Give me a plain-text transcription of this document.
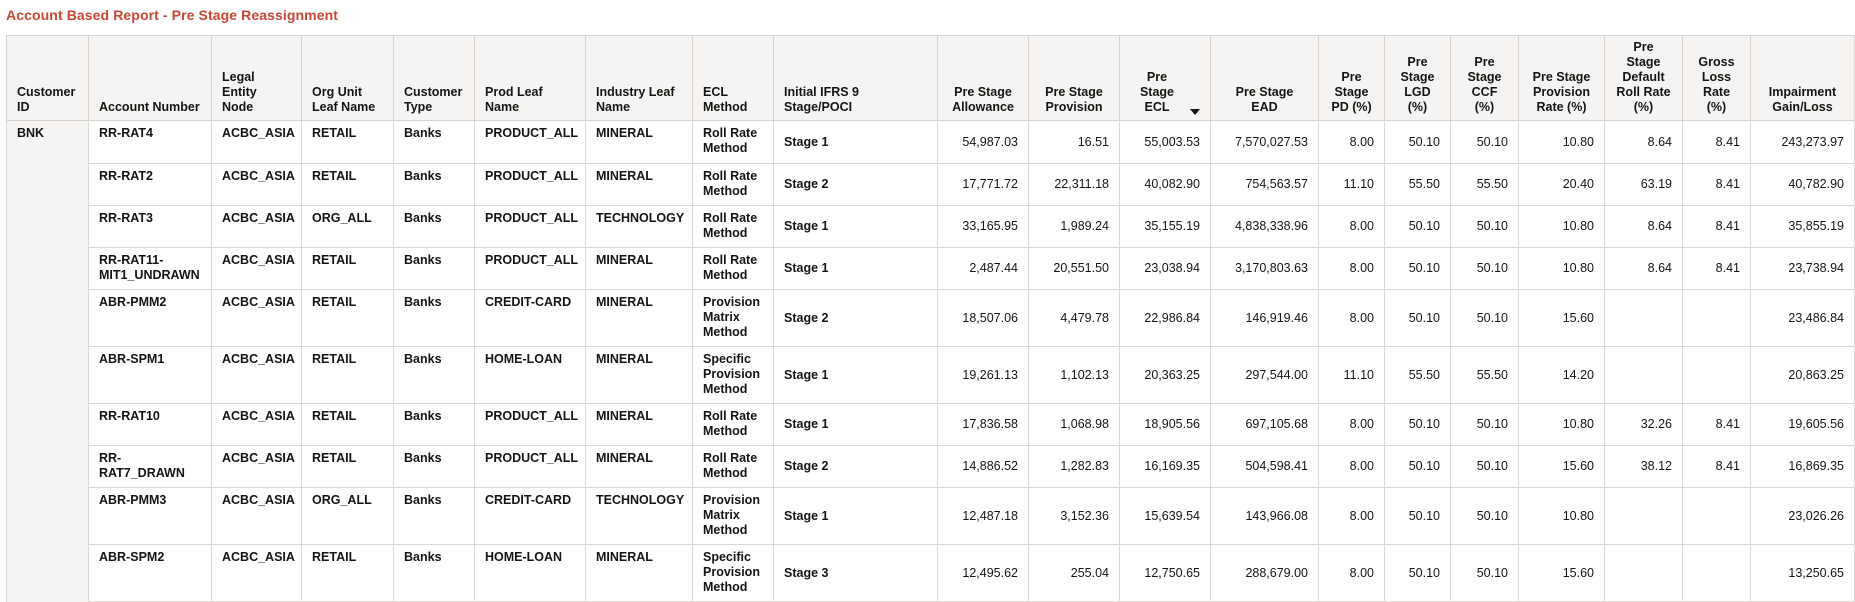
Account Based Report - Pre Stage Reassignment
Customer ID	Account Number	Legal Entity Node	Org Unit Leaf Name	Customer Type	Prod Leaf Name	Industry Leaf Name	ECL Method	Initial IFRS 9 Stage/POCI	Pre Stage Allowance	Pre Stage Provision	Pre Stage ECL	Pre Stage EAD	Pre Stage PD (%)	Pre Stage LGD (%)	Pre Stage CCF (%)	Pre Stage Provision Rate (%)	Pre Stage Default Roll Rate (%)	Gross Loss Rate (%)	Impairment Gain/Loss
BNK	RR-RAT4	ACBC_ASIA	RETAIL	Banks	PRODUCT_ALL	MINERAL	Roll Rate Method	Stage 1	54,987.03	16.51	55,003.53	7,570,027.53	8.00	50.10	50.10	10.80	8.64	8.41	243,273.97
	RR-RAT2	ACBC_ASIA	RETAIL	Banks	PRODUCT_ALL	MINERAL	Roll Rate Method	Stage 2	17,771.72	22,311.18	40,082.90	754,563.57	11.10	55.50	55.50	20.40	63.19	8.41	40,782.90
	RR-RAT3	ACBC_ASIA	ORG_ALL	Banks	PRODUCT_ALL	TECHNOLOGY	Roll Rate Method	Stage 1	33,165.95	1,989.24	35,155.19	4,838,338.96	8.00	50.10	50.10	10.80	8.64	8.41	35,855.19
	RR-RAT11-MIT1_UNDRAWN	ACBC_ASIA	RETAIL	Banks	PRODUCT_ALL	MINERAL	Roll Rate Method	Stage 1	2,487.44	20,551.50	23,038.94	3,170,803.63	8.00	50.10	50.10	10.80	8.64	8.41	23,738.94
	ABR-PMM2	ACBC_ASIA	RETAIL	Banks	CREDIT-CARD	MINERAL	Provision Matrix Method	Stage 2	18,507.06	4,479.78	22,986.84	146,919.46	8.00	50.10	50.10	15.60			23,486.84
	ABR-SPM1	ACBC_ASIA	RETAIL	Banks	HOME-LOAN	MINERAL	Specific Provision Method	Stage 1	19,261.13	1,102.13	20,363.25	297,544.00	11.10	55.50	55.50	14.20			20,863.25
	RR-RAT10	ACBC_ASIA	RETAIL	Banks	PRODUCT_ALL	MINERAL	Roll Rate Method	Stage 1	17,836.58	1,068.98	18,905.56	697,105.68	8.00	50.10	50.10	10.80	32.26	8.41	19,605.56
	RR-RAT7_DRAWN	ACBC_ASIA	RETAIL	Banks	PRODUCT_ALL	MINERAL	Roll Rate Method	Stage 2	14,886.52	1,282.83	16,169.35	504,598.41	8.00	50.10	50.10	15.60	38.12	8.41	16,869.35
	ABR-PMM3	ACBC_ASIA	ORG_ALL	Banks	CREDIT-CARD	TECHNOLOGY	Provision Matrix Method	Stage 1	12,487.18	3,152.36	15,639.54	143,966.08	8.00	50.10	50.10	10.80			23,026.26
	ABR-SPM2	ACBC_ASIA	RETAIL	Banks	HOME-LOAN	MINERAL	Specific Provision Method	Stage 3	12,495.62	255.04	12,750.65	288,679.00	8.00	50.10	50.10	15.60			13,250.65
